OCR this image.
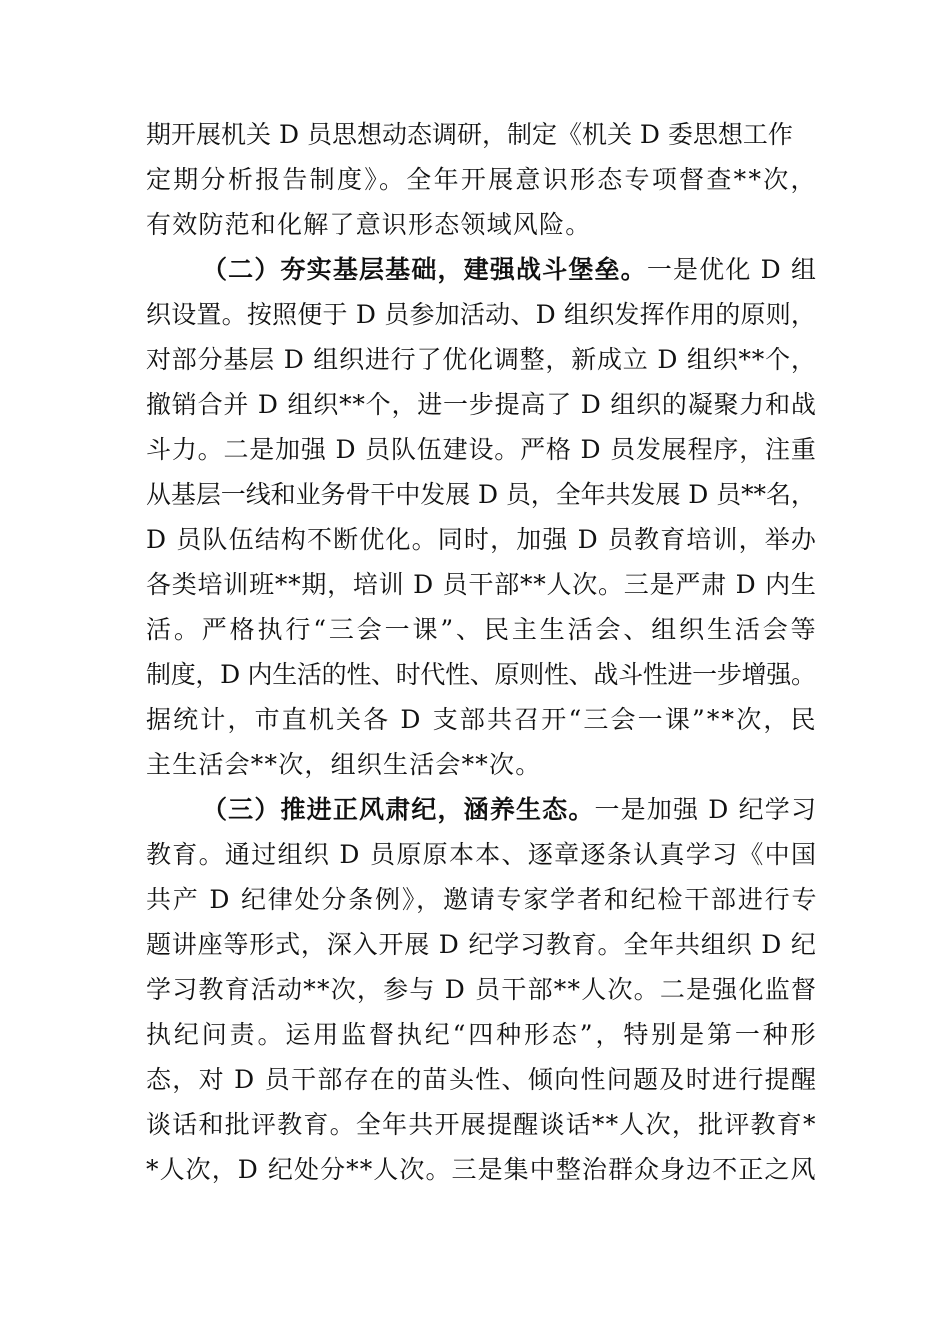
期开展机关 D 员思想动态调研，制定《机关 D 委思想工作
定期分析报告制度》。全年开展意识形态专项督查**次，
有效防范和化解了意识形态领域风险。
（二）夯实基层基础，建强战斗堡垒。一是优化 D 组
织设置。按照便于 D 员参加活动、D 组织发挥作用的原则，
对部分基层 D 组织进行了优化调整，新成立 D 组织**个，
撤销合并 D 组织**个，进一步提高了 D 组织的凝聚力和战
斗力。二是加强 D 员队伍建设。严格 D 员发展程序，注重
从基层一线和业务骨干中发展 D 员，全年共发展 D 员**名，
D 员队伍结构不断优化。同时，加强 D 员教育培训，举办
各类培训班**期，培训 D 员干部**人次。三是严肃 D 内生
活。严格执行“三会一课”、民主生活会、组织生活会等
制度，D 内生活的性、时代性、原则性、战斗性进一步增强。
据统计，市直机关各 D 支部共召开“三会一课”**次，民
主生活会**次，组织生活会**次。
（三）推进正风肃纪，涵养生态。一是加强 D 纪学习
教育。通过组织 D 员原原本本、逐章逐条认真学习《中国
共产 D 纪律处分条例》，邀请专家学者和纪检干部进行专
题讲座等形式，深入开展 D 纪学习教育。全年共组织 D 纪
学习教育活动**次，参与 D 员干部**人次。二是强化监督
执纪问责。运用监督执纪“四种形态”，特别是第一种形
态，对 D 员干部存在的苗头性、倾向性问题及时进行提醒
谈话和批评教育。全年共开展提醒谈话**人次，批评教育*
*人次，D 纪处分**人次。三是集中整治群众身边不正之风
